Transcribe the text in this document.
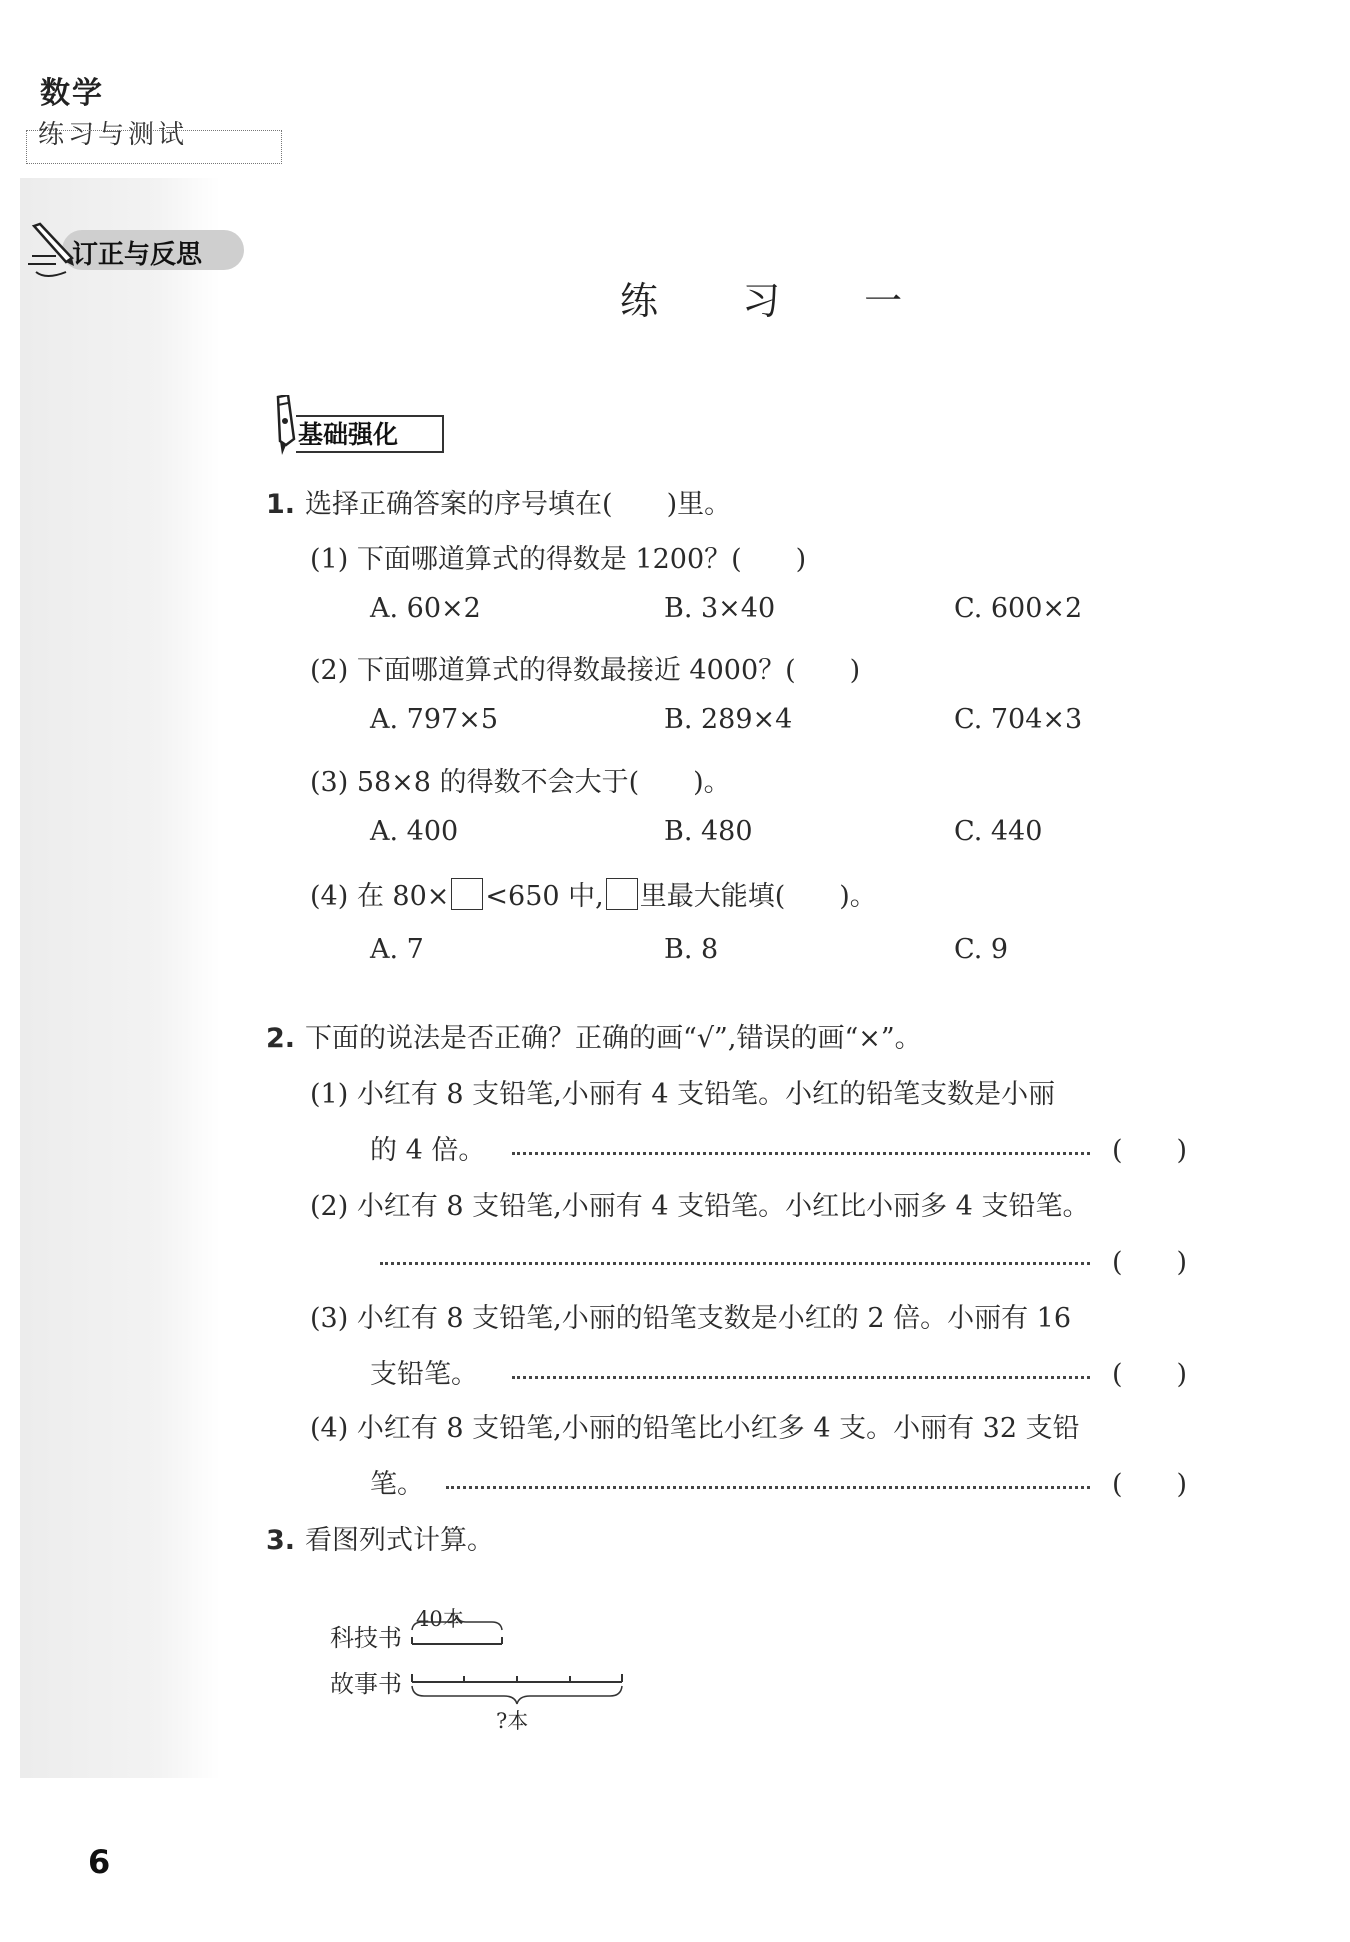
数学
练习与测试
订正与反思
练 习 一
基础强化
1. 选择正确答案的序号填在(　　)里。
(1) 下面哪道算式的得数是 1200？(　　)
A. 60×2	B. 3×40	C. 600×2
(2) 下面哪道算式的得数最接近 4000？(　　)
A. 797×5	B. 289×4	C. 704×3
(3) 58×8 的得数不会大于(　　)。
A. 400	B. 480	C. 440
(4) 在 80× <650 中, 里最大能填(　　)。
A. 7	B. 8	C. 9
2. 下面的说法是否正确？正确的画“√”,错误的画“×”。
(1) 小红有 8 支铅笔,小丽有 4 支铅笔。小红的铅笔支数是小丽
的 4 倍。	(　　)
(2) 小红有 8 支铅笔,小丽有 4 支铅笔。小红比小丽多 4 支铅笔。
(　　)
(3) 小红有 8 支铅笔,小丽的铅笔支数是小红的 2 倍。小丽有 16
支铅笔。	(　　)
(4) 小红有 8 支铅笔,小丽的铅笔比小红多 4 支。小丽有 32 支铅
笔。	(　　)
3. 看图列式计算。
科技书
40本
故事书
?本
6
